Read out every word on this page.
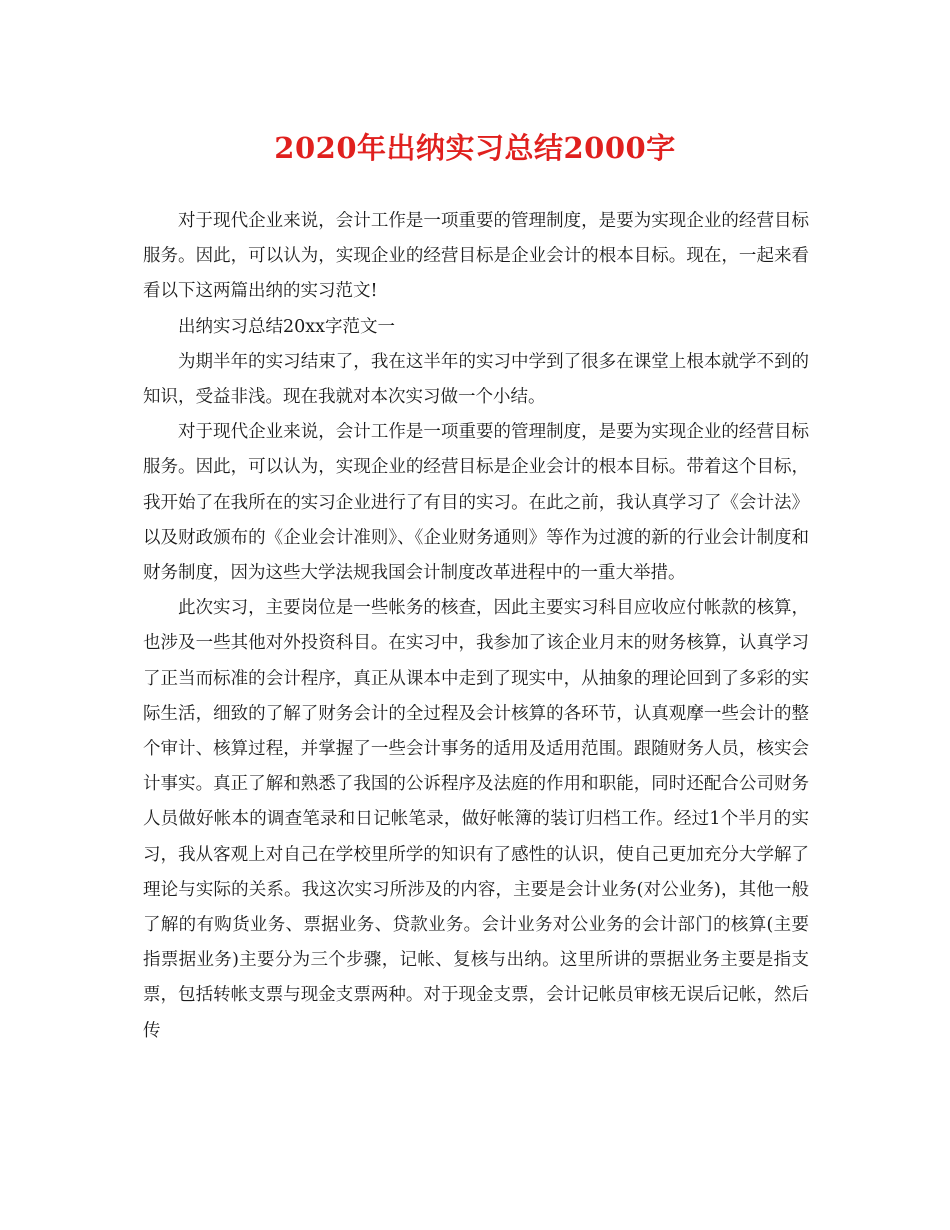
2020年出纳实习总结2000字

对于现代企业来说，会计工作是一项重要的管理制度，是要为实现企业的经营目标服务。因此，可以认为，实现企业的经营目标是企业会计的根本目标。现在，一起来看看以下这两篇出纳的实习范文!

出纳实习总结20xx字范文一

为期半年的实习结束了，我在这半年的实习中学到了很多在课堂上根本就学不到的知识，受益非浅。现在我就对本次实习做一个小结。

对于现代企业来说，会计工作是一项重要的管理制度，是要为实现企业的经营目标服务。因此，可以认为，实现企业的经营目标是企业会计的根本目标。带着这个目标，我开始了在我所在的实习企业进行了有目的实习。在此之前，我认真学习了《会计法》以及财政颁布的《企业会计准则》、《企业财务通则》等作为过渡的新的行业会计制度和财务制度，因为这些大学法规我国会计制度改革进程中的一重大举措。

此次实习，主要岗位是一些帐务的核查，因此主要实习科目应收应付帐款的核算，也涉及一些其他对外投资科目。在实习中，我参加了该企业月末的财务核算，认真学习了正当而标准的会计程序，真正从课本中走到了现实中，从抽象的理论回到了多彩的实际生活，细致的了解了财务会计的全过程及会计核算的各环节，认真观摩一些会计的整个审计、核算过程，并掌握了一些会计事务的适用及适用范围。跟随财务人员，核实会计事实。真正了解和熟悉了我国的公诉程序及法庭的作用和职能，同时还配合公司财务人员做好帐本的调查笔录和日记帐笔录，做好帐簿的装订归档工作。经过1个半月的实习，我从客观上对自己在学校里所学的知识有了感性的认识，使自己更加充分大学解了理论与实际的关系。我这次实习所涉及的内容，主要是会计业务(对公业务)，其他一般了解的有购货业务、票据业务、贷款业务。会计业务对公业务的会计部门的核算(主要指票据业务)主要分为三个步骤，记帐、复核与出纳。这里所讲的票据业务主要是指支票，包括转帐支票与现金支票两种。对于现金支票，会计记帐员审核无误后记帐，然后传
